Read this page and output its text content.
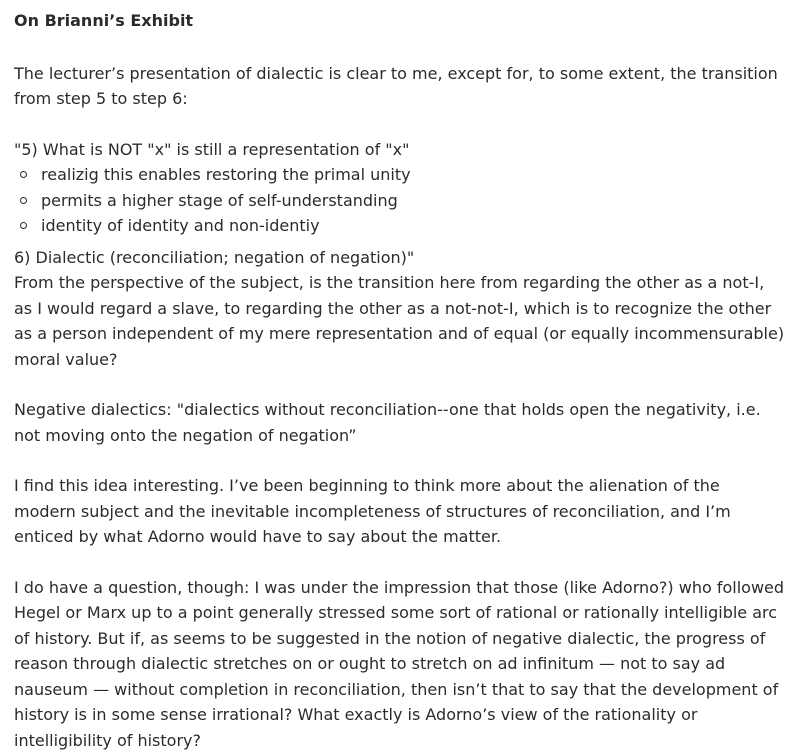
On Brianni’s Exhibit

The lecturer’s presentation of dialectic is clear to me, except for, to some extent, the transition from step 5 to step 6:

"5) What is NOT "x" is still a representation of "x"

realizig this enables restoring the primal unity
permits a higher stage of self-understanding
identity of identity and non-identiy

6) Dialectic (reconciliation; negation of negation)"

From the perspective of the subject, is the transition here from regarding the other as a not-I, as I would regard a slave, to regarding the other as a not-not-I, which is to recognize the other as a person independent of my mere representation and of equal (or equally incommensurable) moral value?

Negative dialectics: "dialectics without reconciliation--one that holds open the negativity, i.e. not moving onto the negation of negation”

I find this idea interesting. I’ve been beginning to think more about the alienation of the modern subject and the inevitable incompleteness of structures of reconciliation, and I’m enticed by what Adorno would have to say about the matter.

I do have a question, though: I was under the impression that those (like Adorno?) who followed Hegel or Marx up to a point generally stressed some sort of rational or rationally intelligible arc of history. But if, as seems to be suggested in the notion of negative dialectic, the progress of reason through dialectic stretches on or ought to stretch on ad infinitum — not to say ad nauseum — without completion in reconciliation, then isn’t that to say that the development of history is in some sense irrational? What exactly is Adorno’s view of the rationality or intelligibility of history?
